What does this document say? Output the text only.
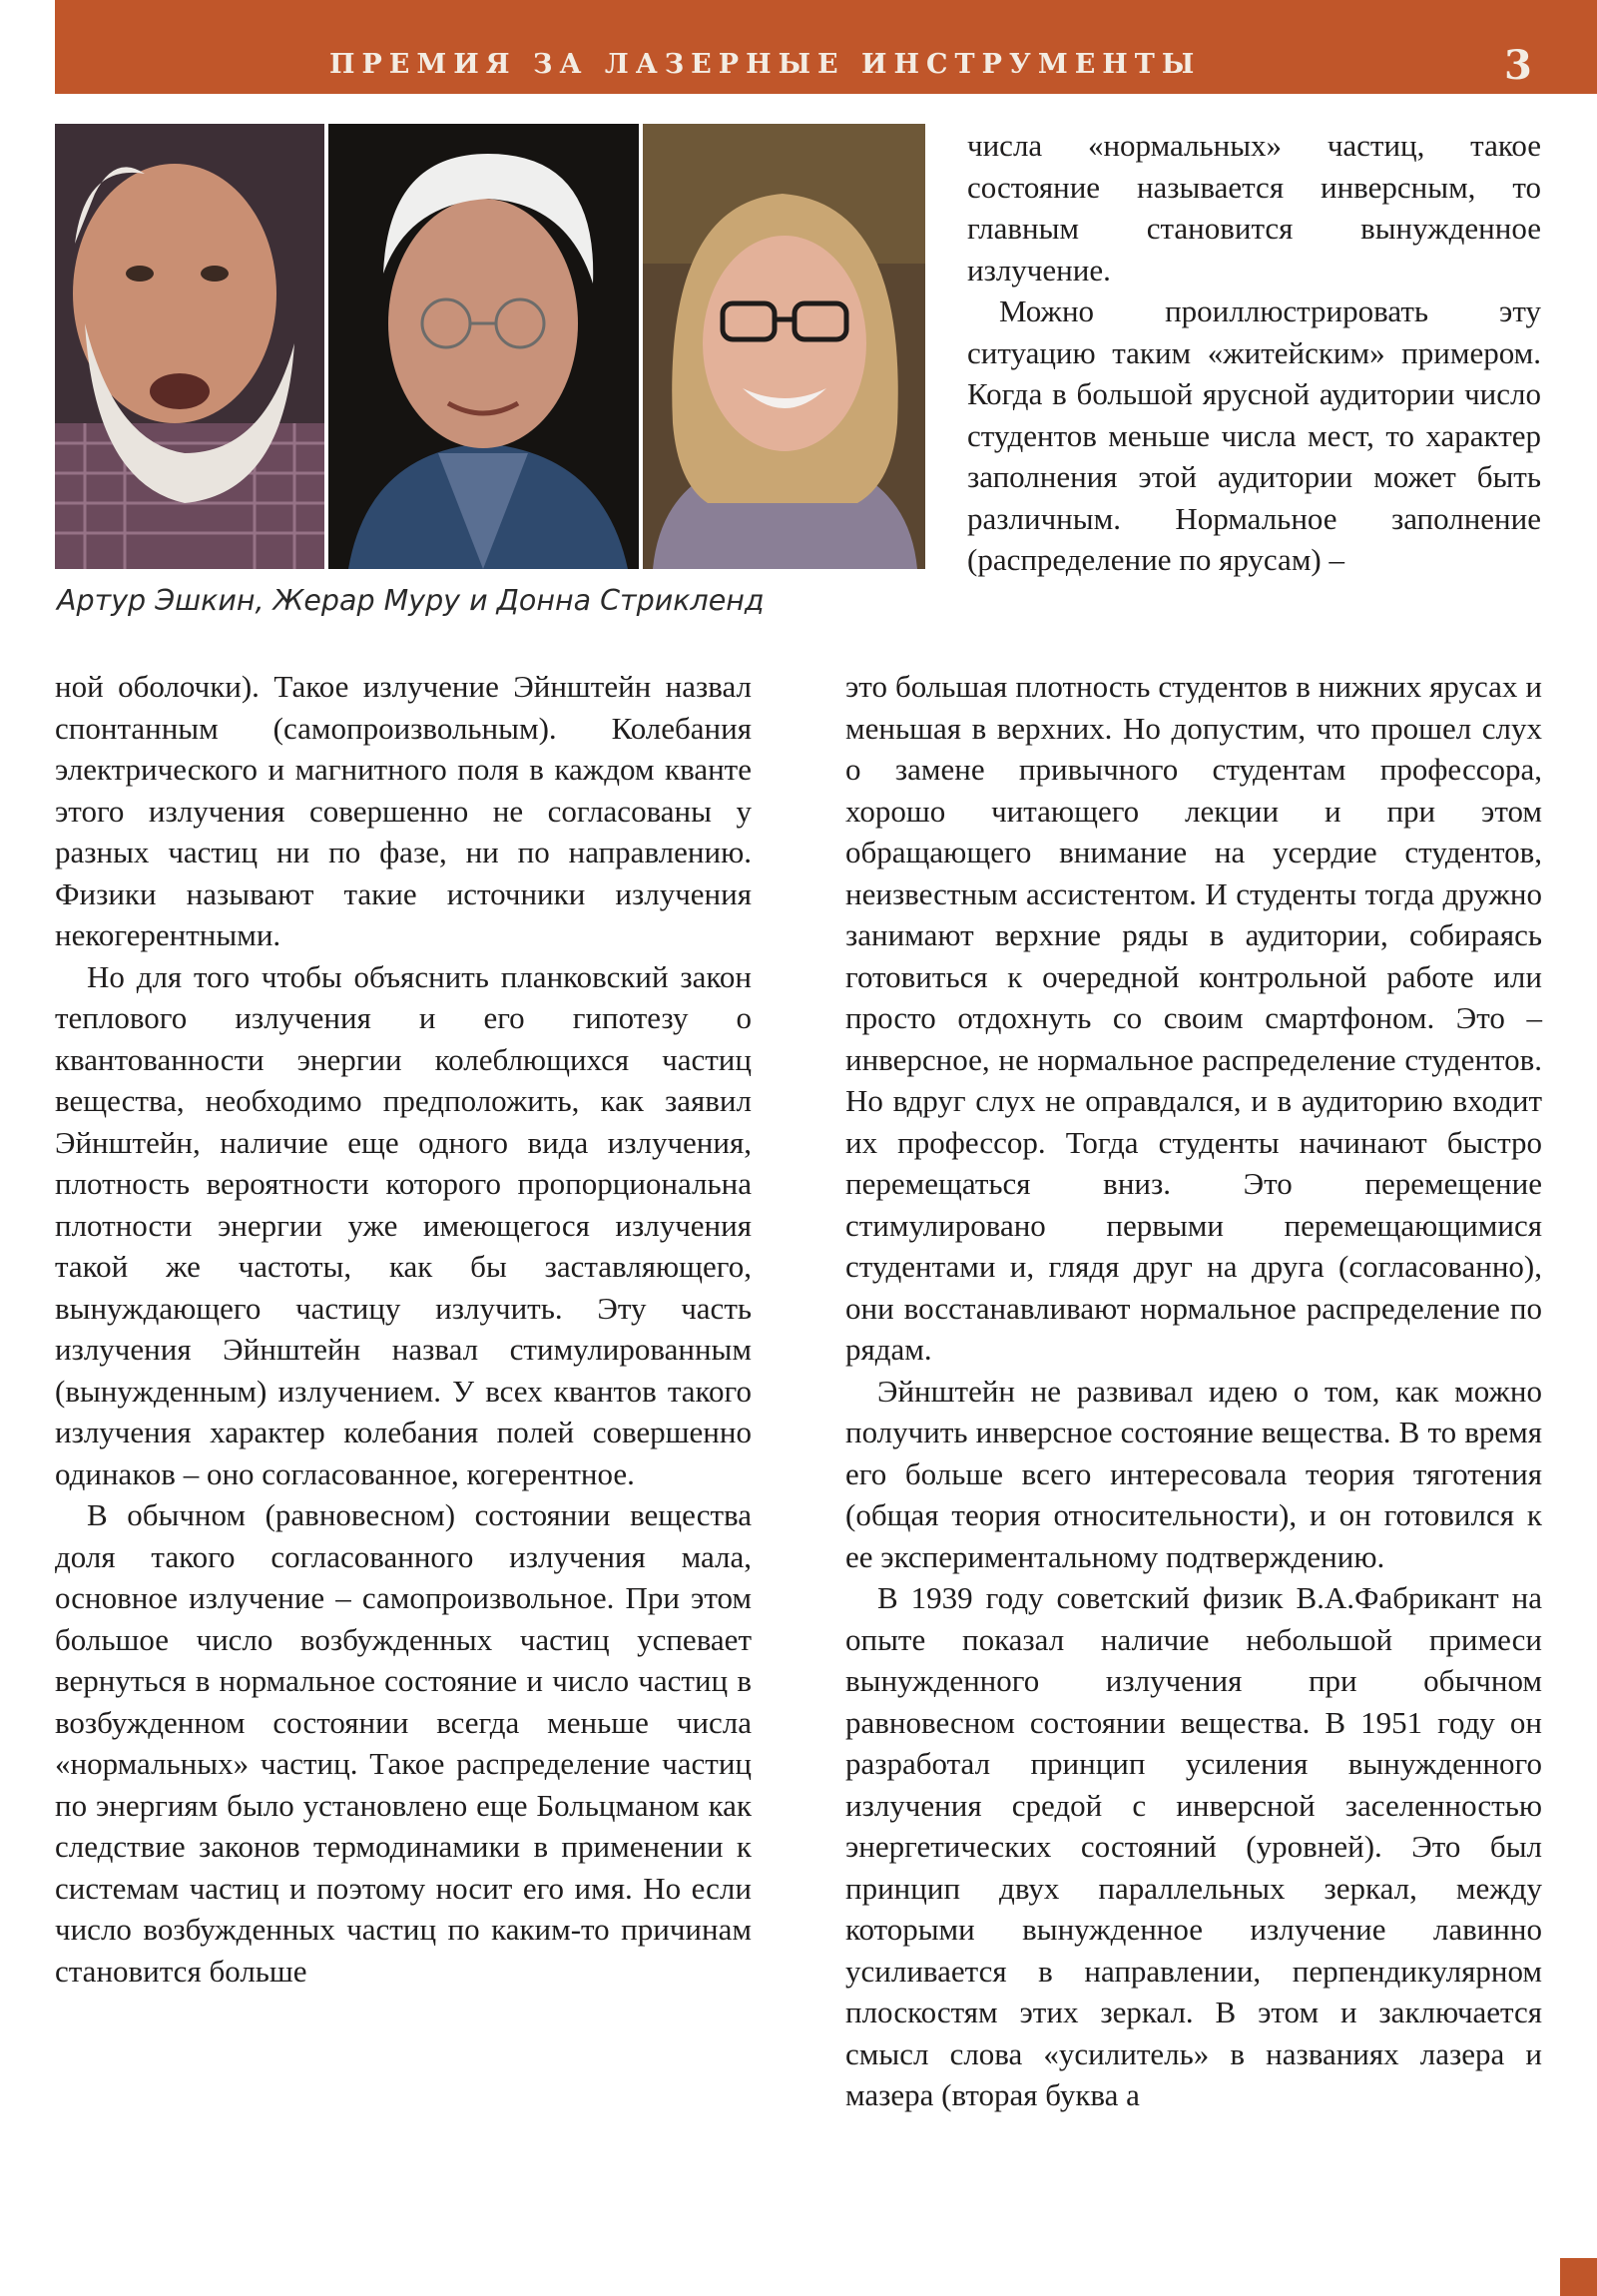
ПРЕМИЯ ЗА ЛАЗЕРНЫЕ ИНСТРУМЕНТЫ	3
Артур Эшкин, Жерар Муру и Донна Стрикленд

числа «нормальных» частиц, такое состояние называется инверсным, то главным становится вынужденное излучение.

Можно проиллюстрировать эту ситуацию таким «житейским» примером. Когда в большой ярусной аудитории число студентов меньше числа мест, то характер заполнения этой аудитории может быть различным. Нормальное заполнение (распределение по ярусам) –

ной оболочки). Такое излучение Эйнштейн назвал спонтанным (самопроизвольным). Колебания электрического и магнитного поля в каждом кванте этого излучения совершенно не согласованы у разных частиц ни по фазе, ни по направлению. Физики называют такие источники излучения некогерентными.

Но для того чтобы объяснить планковский закон теплового излучения и его гипотезу о квантованности энергии колеблющихся частиц вещества, необходимо предположить, как заявил Эйнштейн, наличие еще одного вида излучения, плотность вероятности которого пропорциональна плотности энергии уже имеющегося излучения такой же частоты, как бы заставляющего, вынуждающего частицу излучить. Эту часть излучения Эйнштейн назвал стимулированным (вынужденным) излучением. У всех квантов такого излучения характер колебания полей совершенно одинаков – оно согласованное, когерентное.

В обычном (равновесном) состоянии вещества доля такого согласованного излучения мала, основное излучение – самопроизвольное. При этом большое число возбужденных частиц успевает вернуться в нормальное состояние и число частиц в возбужденном состоянии всегда меньше числа «нормальных» частиц. Такое распределение частиц по энергиям было установлено еще Больцманом как следствие законов термодинамики в применении к системам частиц и поэтому носит его имя. Но если число возбужденных частиц по каким-то причинам становится больше

это большая плотность студентов в нижних ярусах и меньшая в верхних. Но допустим, что прошел слух о замене привычного студентам профессора, хорошо читающего лекции и при этом обращающего внимание на усердие студентов, неизвестным ассистентом. И студенты тогда дружно занимают верхние ряды в аудитории, собираясь готовиться к очередной контрольной работе или просто отдохнуть со своим смартфоном. Это – инверсное, не нормальное распределение студентов. Но вдруг слух не оправдался, и в аудиторию входит их профессор. Тогда студенты начинают быстро перемещаться вниз. Это перемещение стимулировано первыми перемещающимися студентами и, глядя друг на друга (согласованно), они восстанавливают нормальное распределение по рядам.

Эйнштейн не развивал идею о том, как можно получить инверсное состояние вещества. В то время его больше всего интересовала теория тяготения (общая теория относительности), и он готовился к ее экспериментальному подтверждению.

В 1939 году советский физик В.А.Фабрикант на опыте показал наличие небольшой примеси вынужденного излучения при обычном равновесном состоянии вещества. В 1951 году он разработал принцип усиления вынужденного излучения средой с инверсной заселенностью энергетических состояний (уровней). Это был принцип двух параллельных зеркал, между которыми вынужденное излучение лавинно усиливается в направлении, перпендикулярном плоскостям этих зеркал. В этом и заключается смысл слова «усилитель» в названиях лазера и мазера (вторая буква а
